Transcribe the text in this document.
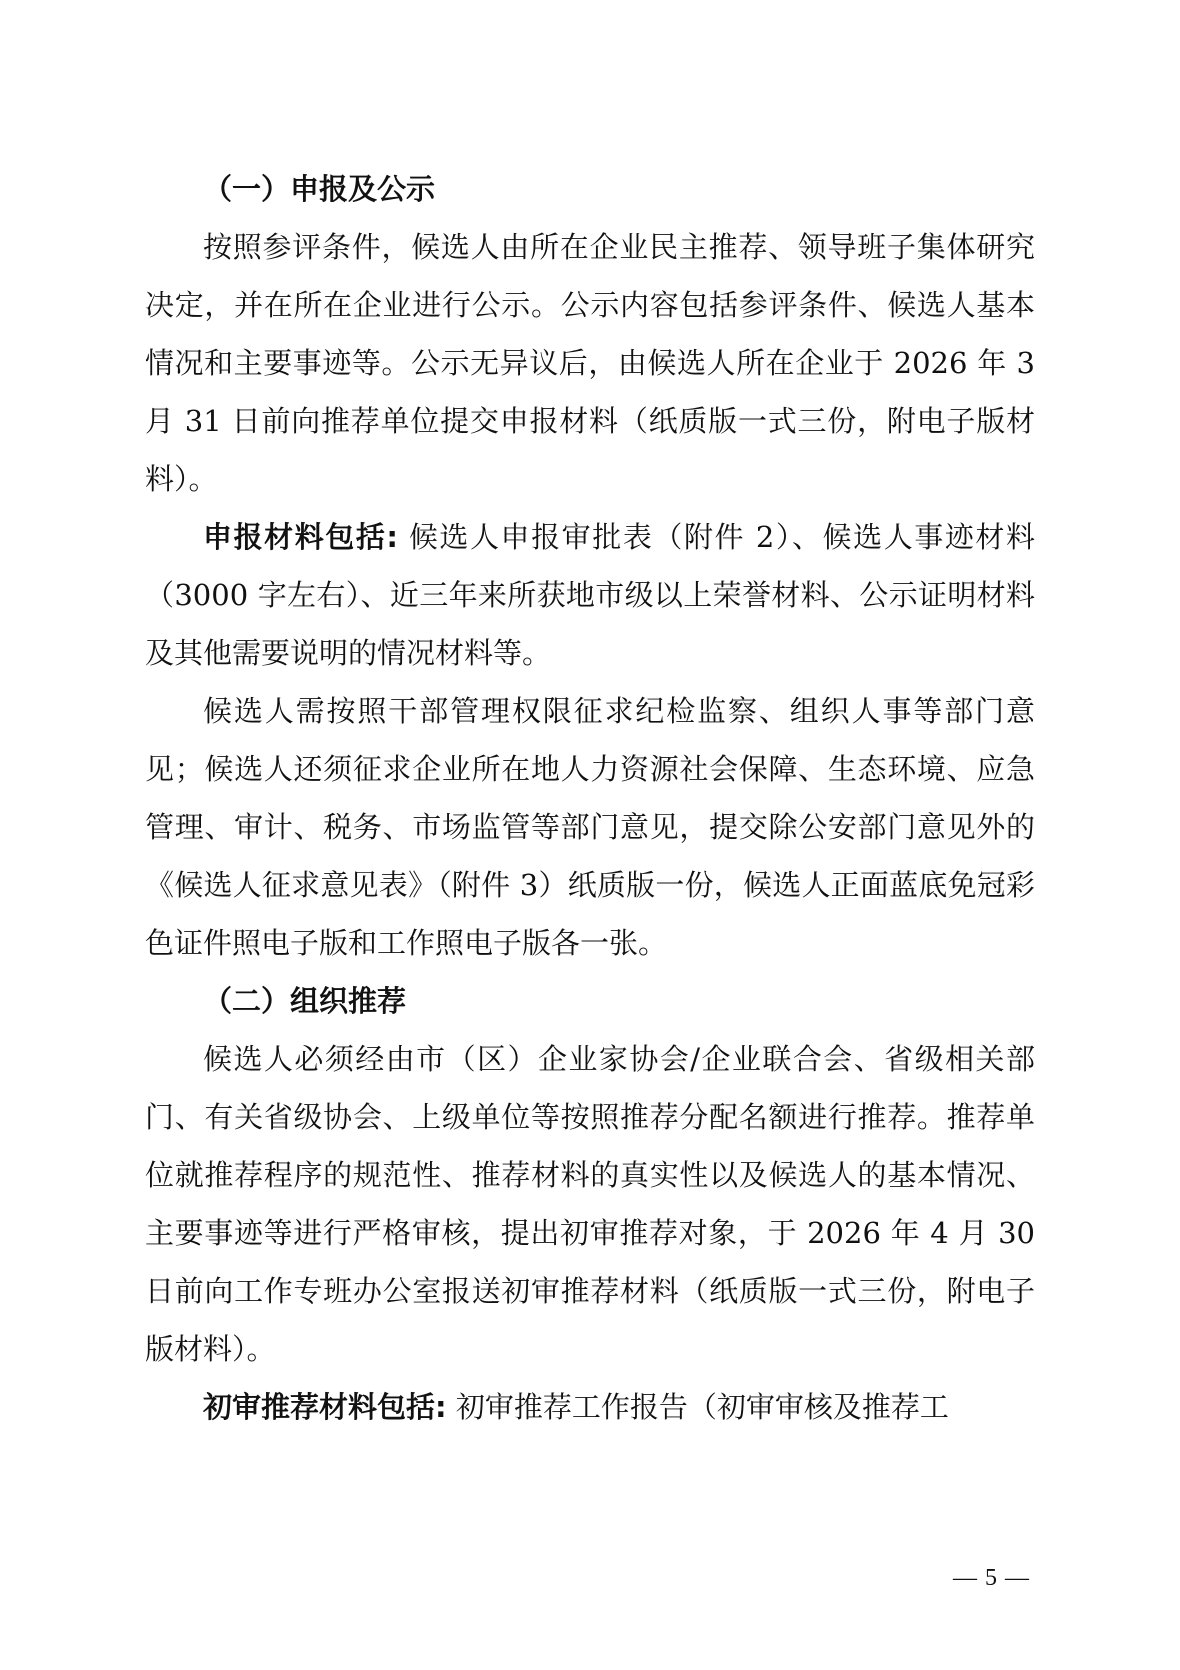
（一）申报及公示

按照参评条件，候选人由所在企业民主推荐、领导班子集体研究决定，并在所在企业进行公示。公示内容包括参评条件、候选人基本情况和主要事迹等。公示无异议后，由候选人所在企业于 2026 年 3 月 31 日前向推荐单位提交申报材料（纸质版一式三份，附电子版材料）。

申报材料包括: 候选人申报审批表（附件 2）、候选人事迹材料（3000 字左右）、近三年来所获地市级以上荣誉材料、公示证明材料及其他需要说明的情况材料等。

候选人需按照干部管理权限征求纪检监察、组织人事等部门意见；候选人还须征求企业所在地人力资源社会保障、生态环境、应急管理、审计、税务、市场监管等部门意见，提交除公安部门意见外的《候选人征求意见表》（附件 3）纸质版一份，候选人正面蓝底免冠彩色证件照电子版和工作照电子版各一张。

（二）组织推荐

候选人必须经由市（区）企业家协会/企业联合会、省级相关部门、有关省级协会、上级单位等按照推荐分配名额进行推荐。推荐单位就推荐程序的规范性、推荐材料的真实性以及候选人的基本情况、主要事迹等进行严格审核，提出初审推荐对象，于 2026 年 4 月 30 日前向工作专班办公室报送初审推荐材料（纸质版一式三份，附电子版材料）。

初审推荐材料包括: 初审推荐工作报告（初审审核及推荐工

— 5 —
